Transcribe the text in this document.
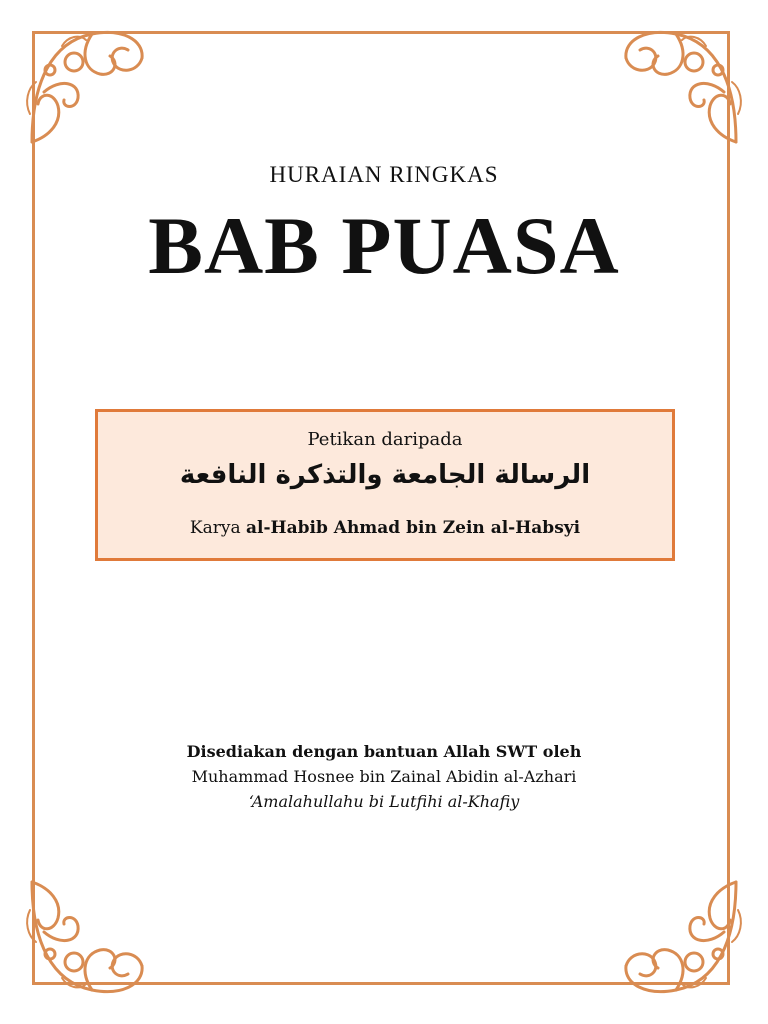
HURAIAN RINGKAS
BAB PUASA
Petikan daripada
الرسالة الجامعة والتذكرة النافعة
Karya al-Habib Ahmad bin Zein al-Habsyi
Disediakan dengan bantuan Allah SWT oleh
Muhammad Hosnee bin Zainal Abidin al-Azhari
‘Amalahullahu bi Lutfihi al-Khafiy
